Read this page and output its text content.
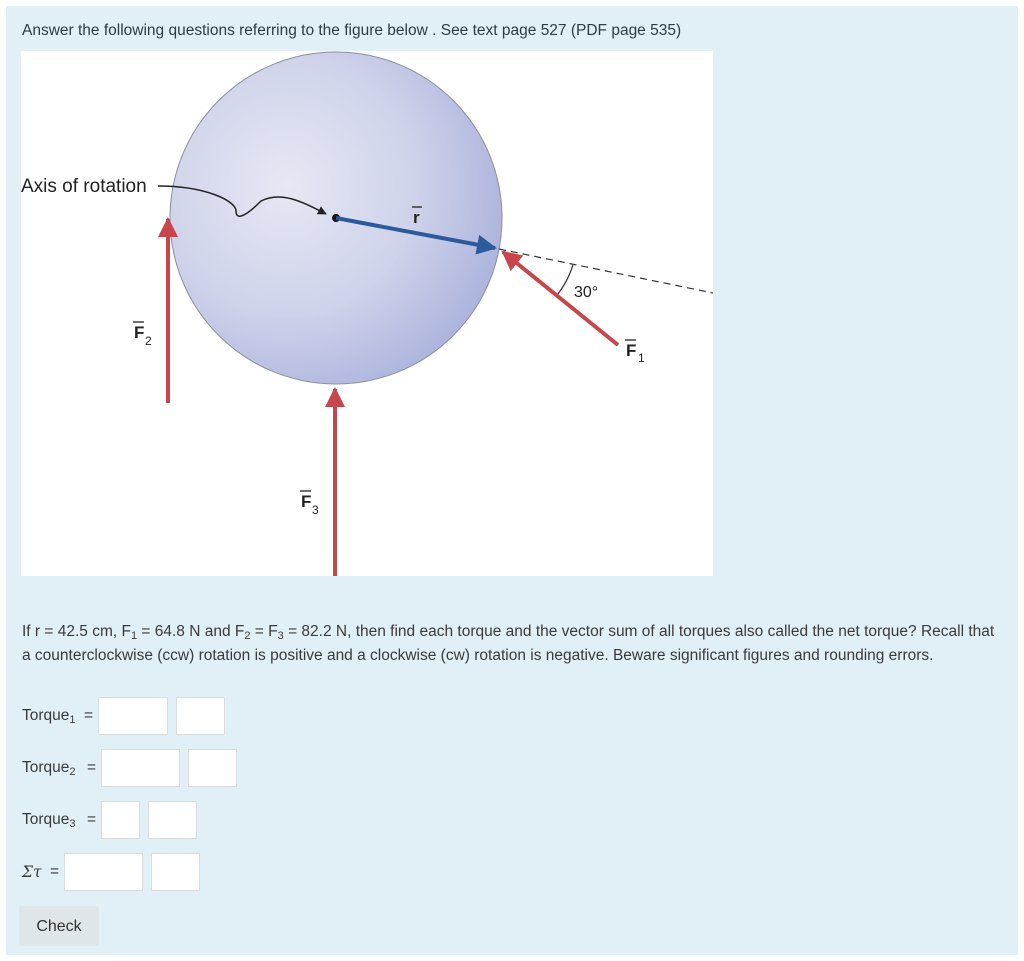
Answer the following questions referring to the figure below . See text page 527 (PDF page 535)
30°
Axis of rotation
r
F 1
F 2
F 3
If r = 42.5 cm, $F_1 = 64.8$ N and $F_2 = F_3 = 82.2$ N, then find each torque and the vector sum of all torques also called the net torque? Recall that a counterclockwise (ccw) rotation is positive and a clockwise (cw) rotation is negative. Beware significant figures and rounding errors.
Torque$_1$ =
Torque$_2$ =
Torque$_3$ =
Στ =
Check
